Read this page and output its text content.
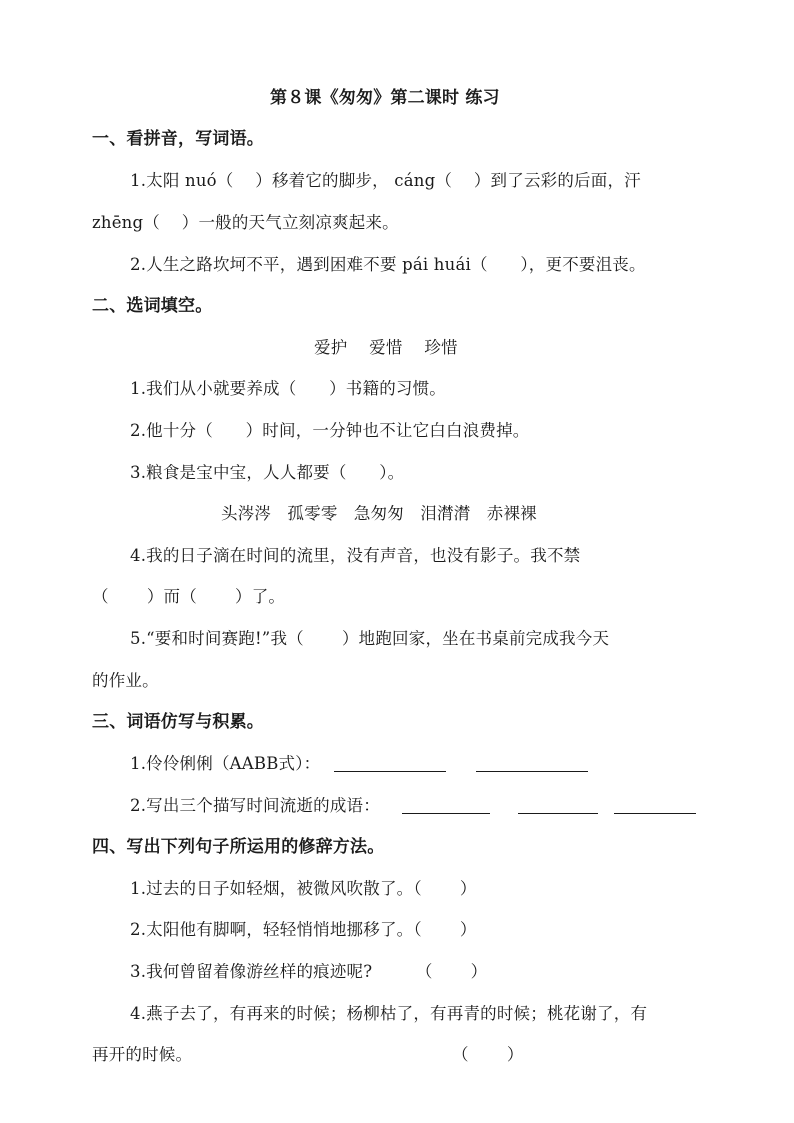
第８课《匆匆》第二课时 练习
一、看拼音，写词语。
1.太阳 nuó（    ）移着它的脚步， cáng（    ）到了云彩的后面，汗
zhēng（    ）一般的天气立刻凉爽起来。
2.人生之路坎坷不平，遇到困难不要 pái huái（      ），更不要沮丧。
二、选词填空。
爱护    爱惜    珍惜
1.我们从小就要养成（      ）书籍的习惯。
2.他十分（      ）时间，一分钟也不让它白白浪费掉。
3.粮食是宝中宝，人人都要（      ）。
头涔涔   孤零零   急匆匆   泪潸潸   赤裸裸
4.我的日子滴在时间的流里，没有声音，也没有影子。我不禁
（       ）而（       ）了。
5.“要和时间赛跑!”我（       ）地跑回家，坐在书桌前完成我今天
的作业。
三、词语仿写与积累。
1.伶伶俐俐（AABB式）：
2.写出三个描写时间流逝的成语：
四、写出下列句子所运用的修辞方法。
1.过去的日子如轻烟，被微风吹散了。（       ）
2.太阳他有脚啊，轻轻悄悄地挪移了。（       ）
3.我何曾留着像游丝样的痕迹呢?        （       ）
4.燕子去了，有再来的时候；杨柳枯了，有再青的时候；桃花谢了，有
再开的时候。	（       ）
